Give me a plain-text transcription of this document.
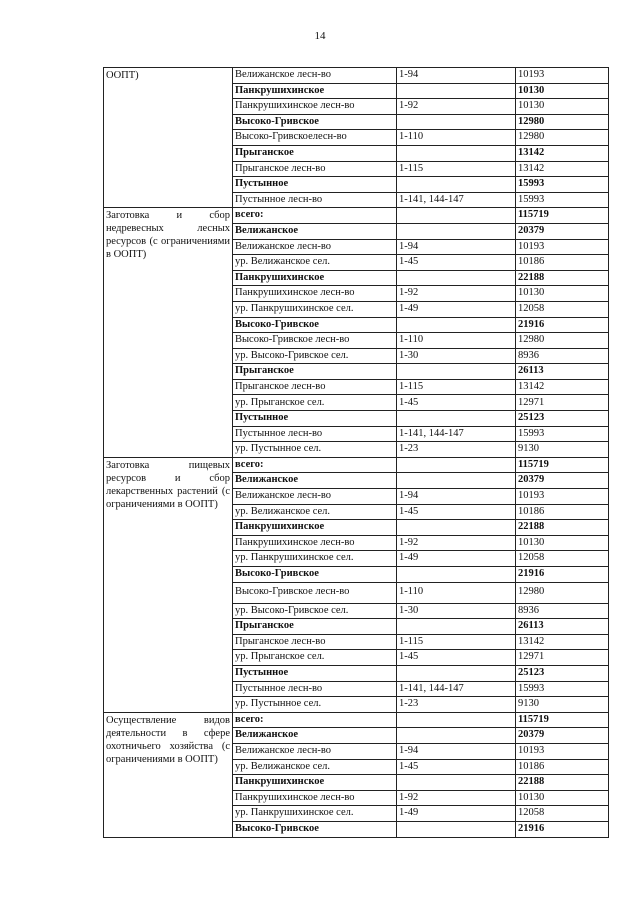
14
ООПТ)	Велижанское лесн-во	1-94	10193
	Панкрушихинское		10130
	Панкрушихинское лесн-во	1-92	10130
	Высоко-Гривское		12980
	Высоко-Гривскоелесн-во	1-110	12980
	Прыганское		13142
	Прыганское лесн-во	1-115	13142
	Пустынное		15993
	Пустынное лесн-во	1-141, 144-147	15993
Заготовка и сбор недревесных лесных ресурсов (с ограничениями в ООПТ)	всего:		115719
	Велижанское		20379
	Велижанское лесн-во	1-94	10193
	ур. Велижанское сел.	1-45	10186
	Панкрушихинское		22188
	Панкрушихинское лесн-во	1-92	10130
	ур. Панкрушихинское сел.	1-49	12058
	Высоко-Гривское		21916
	Высоко-Гривское лесн-во	1-110	12980
	ур. Высоко-Гривское сел.	1-30	8936
	Прыганское		26113
	Прыганское лесн-во	1-115	13142
	ур. Прыганское сел.	1-45	12971
	Пустынное		25123
	Пустынное лесн-во	1-141, 144-147	15993
	ур. Пустынное сел.	1-23	9130
Заготовка пищевых ресурсов и сбор лекарственных растений (с ограничениями в ООПТ)	всего:		115719
	Велижанское		20379
	Велижанское лесн-во	1-94	10193
	ур. Велижанское сел.	1-45	10186
	Панкрушихинское		22188
	Панкрушихинское лесн-во	1-92	10130
	ур. Панкрушихинское сел.	1-49	12058
	Высоко-Гривское		21916
	Высоко-Гривское лесн-во	1-110	12980
	ур. Высоко-Гривское сел.	1-30	8936
	Прыганское		26113
	Прыганское лесн-во	1-115	13142
	ур. Прыганское сел.	1-45	12971
	Пустынное		25123
	Пустынное лесн-во	1-141, 144-147	15993
	ур. Пустынное сел.	1-23	9130
Осуществление видов деятельности в сфере охотничьего хозяйства (с ограничениями в ООПТ)	всего:		115719
	Велижанское		20379
	Велижанское лесн-во	1-94	10193
	ур. Велижанское сел.	1-45	10186
	Панкрушихинское		22188
	Панкрушихинское лесн-во	1-92	10130
	ур. Панкрушихинское сел.	1-49	12058
	Высоко-Гривское		21916
